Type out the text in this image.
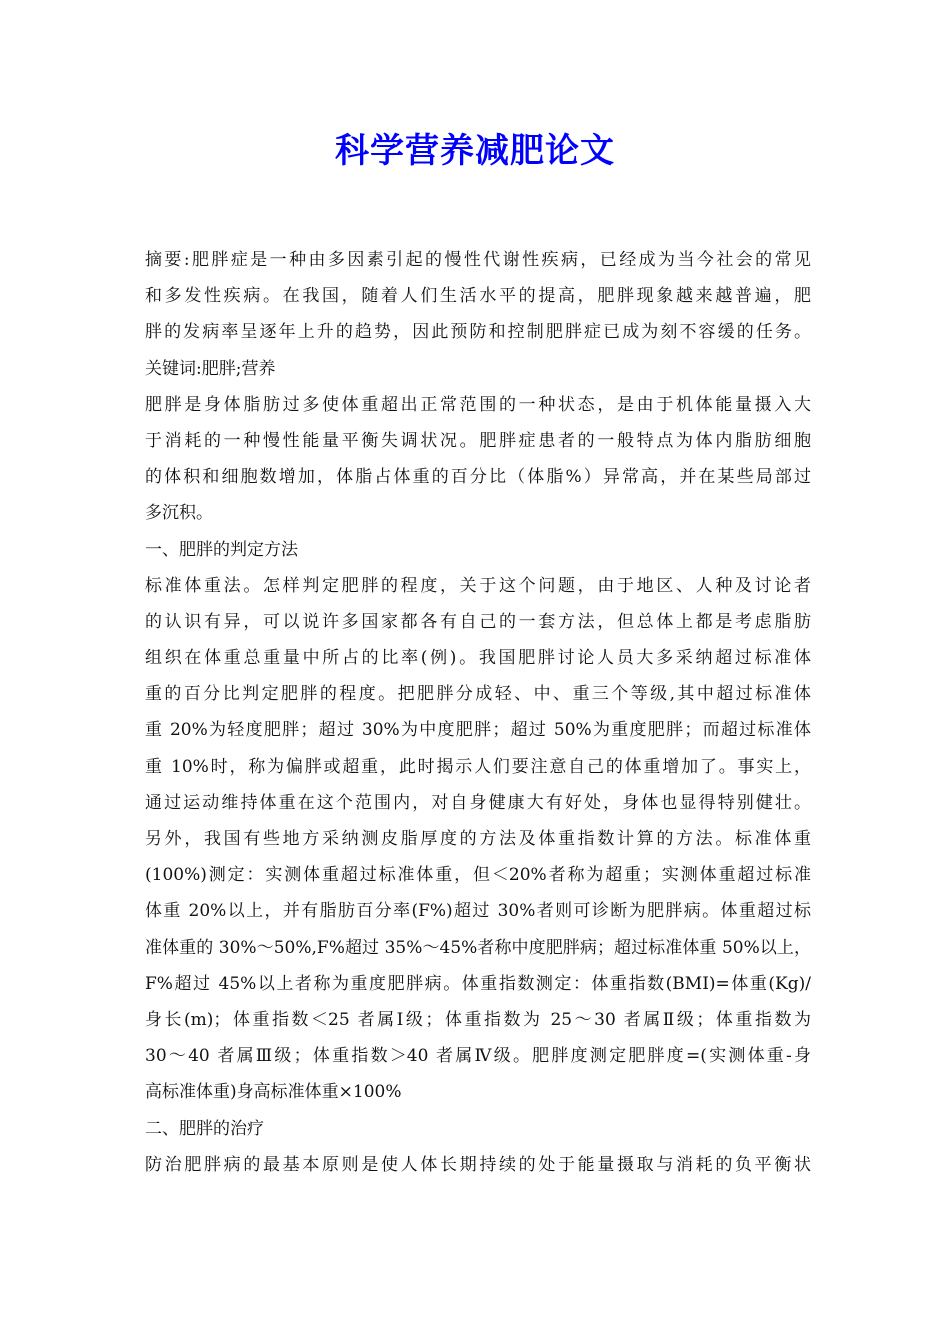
科学营养减肥论文
摘要:肥胖症是一种由多因素引起的慢性代谢性疾病，已经成为当今社会的常见
和多发性疾病。在我国，随着人们生活水平的提高，肥胖现象越来越普遍，肥
胖的发病率呈逐年上升的趋势，因此预防和控制肥胖症已成为刻不容缓的任务。
关键词:肥胖;营养
肥胖是身体脂肪过多使体重超出正常范围的一种状态，是由于机体能量摄入大
于消耗的一种慢性能量平衡失调状况。肥胖症患者的一般特点为体内脂肪细胞
的体积和细胞数增加，体脂占体重的百分比（体脂%）异常高，并在某些局部过
多沉积。
一、肥胖的判定方法
标准体重法。怎样判定肥胖的程度，关于这个问题，由于地区、人种及讨论者
的认识有异，可以说许多国家都各有自己的一套方法，但总体上都是考虑脂肪
组织在体重总重量中所占的比率(例)。我国肥胖讨论人员大多采纳超过标准体
重的百分比判定肥胖的程度。把肥胖分成轻、中、重三个等级,其中超过标准体
重 20%为轻度肥胖；超过 30%为中度肥胖；超过 50%为重度肥胖；而超过标准体
重 10%时，称为偏胖或超重，此时揭示人们要注意自己的体重增加了。事实上，
通过运动维持体重在这个范围内，对自身健康大有好处，身体也显得特别健壮。
另外，我国有些地方采纳测皮脂厚度的方法及体重指数计算的方法。标准体重
(100%)测定：实测体重超过标准体重，但＜20%者称为超重；实测体重超过标准
体重 20%以上，并有脂肪百分率(F%)超过 30%者则可诊断为肥胖病。体重超过标
准体重的 30%～50%,F%超过 35%～45%者称中度肥胖病；超过标准体重 50%以上，
F%超过 45%以上者称为重度肥胖病。体重指数测定：体重指数(BMI)=体重(Kg)/
身长(m)；体重指数＜25 者属Ⅰ级；体重指数为 25～30 者属Ⅱ级；体重指数为
30～40 者属Ⅲ级；体重指数＞40 者属Ⅳ级。肥胖度测定肥胖度=(实测体重-身
高标准体重)身高标准体重×100%
二、肥胖的治疗
防治肥胖病的最基本原则是使人体长期持续的处于能量摄取与消耗的负平衡状
